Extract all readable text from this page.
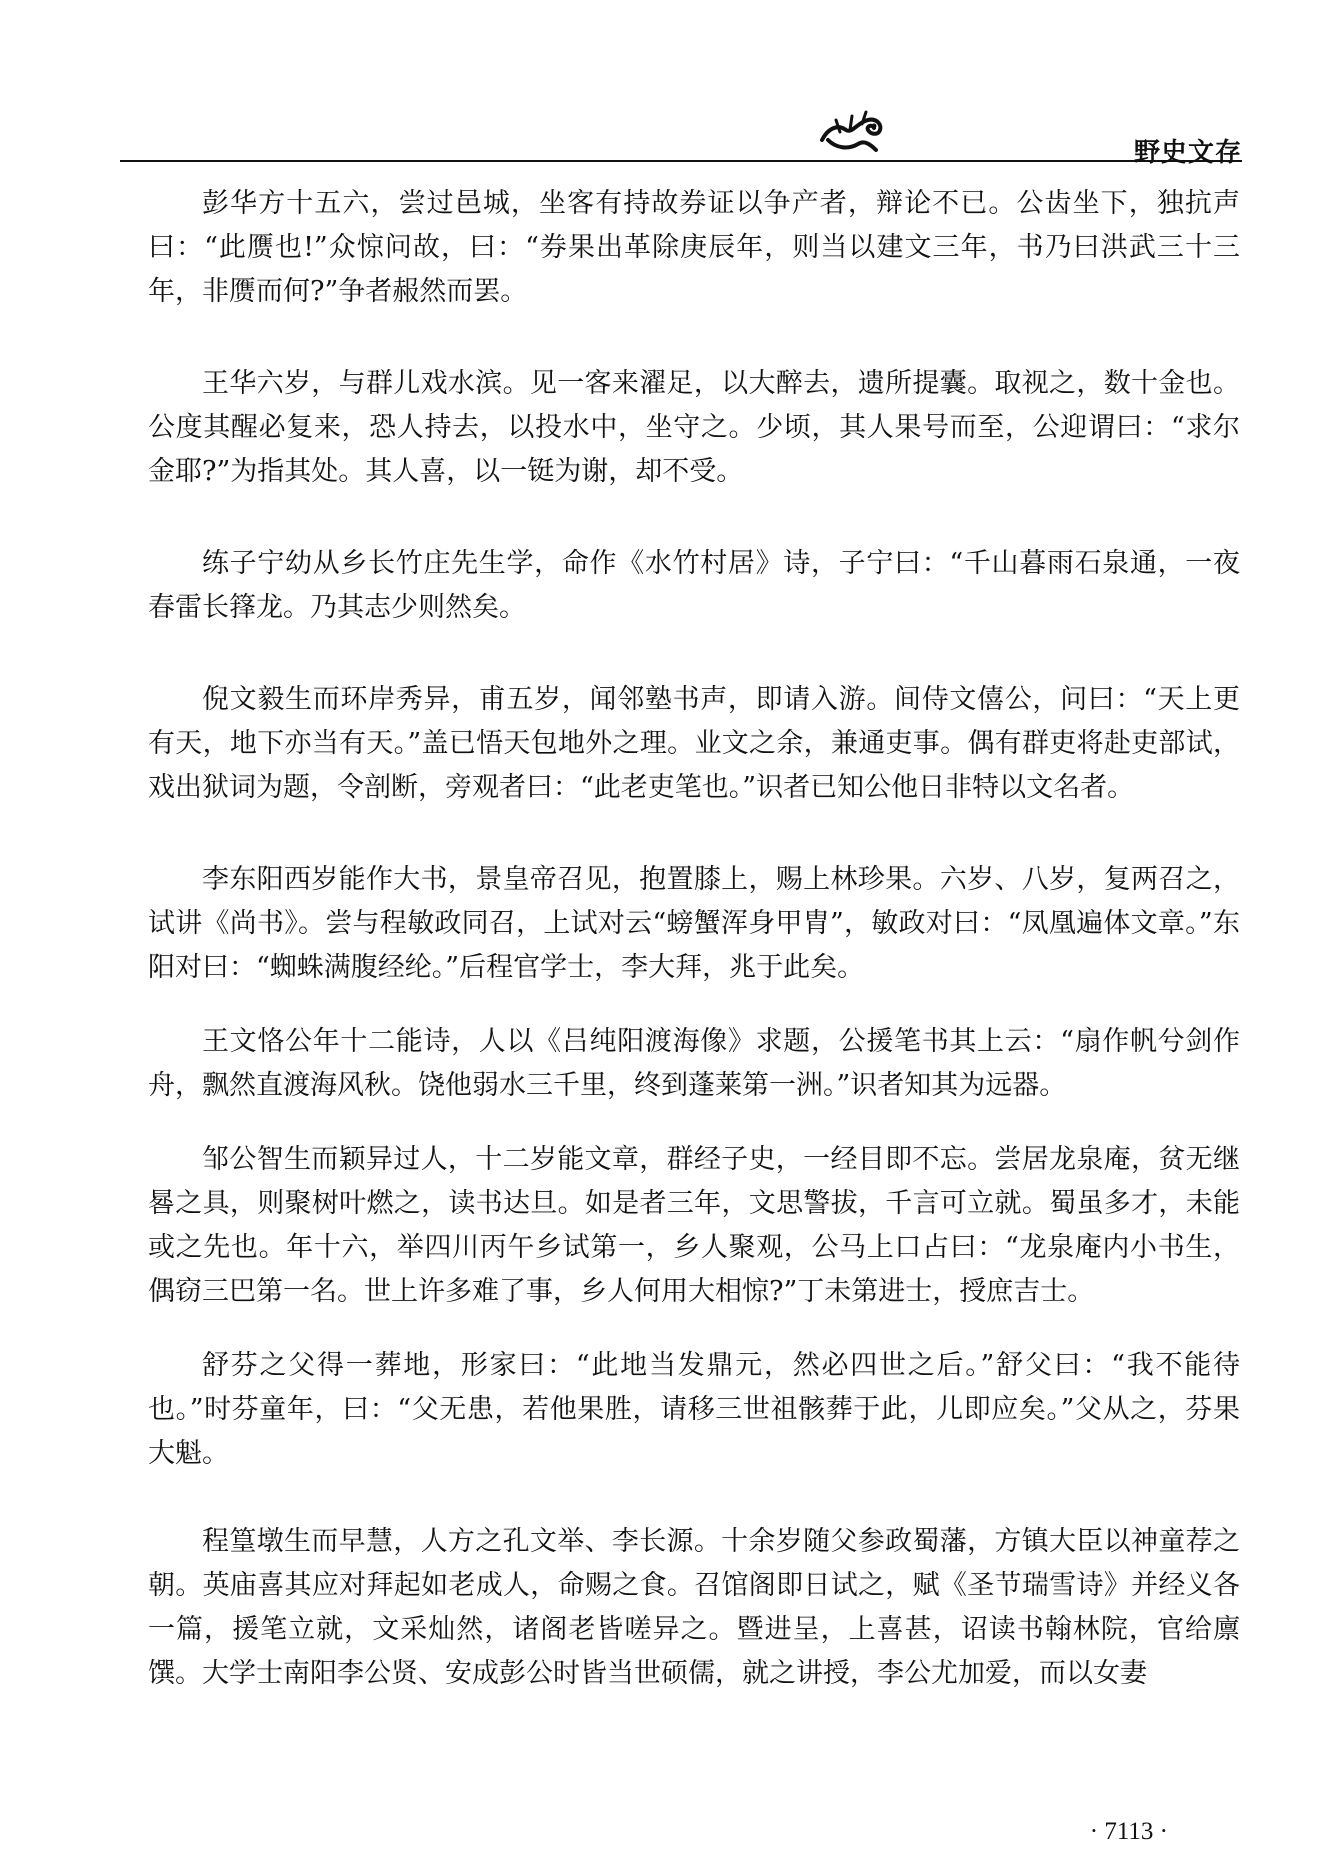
野史文存

彭华方十五六，尝过邑城，坐客有持故券证以争产者，辩论不已。公齿坐下，独抗声曰：“此赝也!”众惊问故，曰：“券果出革除庚辰年，则当以建文三年，书乃曰洪武三十三年，非赝而何?”争者赧然而罢。

王华六岁，与群儿戏水滨。见一客来濯足，以大醉去，遗所提囊。取视之，数十金也。公度其醒必复来，恐人持去，以投水中，坐守之。少顷，其人果号而至，公迎谓曰：“求尔金耶?”为指其处。其人喜，以一铤为谢，却不受。

练子宁幼从乡长竹庄先生学，命作《水竹村居》诗，子宁曰：“千山暮雨石泉通，一夜春雷长箨龙。乃其志少则然矣。

倪文毅生而环岸秀异，甫五岁，闻邻塾书声，即请入游。间侍文僖公，问曰：“天上更有天，地下亦当有天。”盖已悟天包地外之理。业文之余，兼通吏事。偶有群吏将赴吏部试，戏出狱词为题，令剖断，旁观者曰：“此老吏笔也。”识者已知公他日非特以文名者。

李东阳西岁能作大书，景皇帝召见，抱置膝上，赐上林珍果。六岁、八岁，复两召之，试讲《尚书》。尝与程敏政同召，上试对云“螃蟹浑身甲胄”，敏政对曰：“凤凰遍体文章。”东阳对曰：“蜘蛛满腹经纶。”后程官学士，李大拜，兆于此矣。

王文恪公年十二能诗，人以《吕纯阳渡海像》求题，公援笔书其上云：“扇作帆兮剑作舟，飘然直渡海风秋。饶他弱水三千里，终到蓬莱第一洲。”识者知其为远器。

邹公智生而颖异过人，十二岁能文章，群经子史，一经目即不忘。尝居龙泉庵，贫无继晷之具，则聚树叶燃之，读书达旦。如是者三年，文思警拔，千言可立就。蜀虽多才，未能或之先也。年十六，举四川丙午乡试第一，乡人聚观，公马上口占曰：“龙泉庵内小书生，偶窃三巴第一名。世上许多难了事，乡人何用大相惊?”丁未第进士，授庶吉士。

舒芬之父得一葬地，形家曰：“此地当发鼎元，然必四世之后。”舒父曰：“我不能待也。”时芬童年，曰：“父无患，若他果胜，请移三世祖骸葬于此，儿即应矣。”父从之，芬果大魁。

程篁墩生而早慧，人方之孔文举、李长源。十余岁随父参政蜀藩，方镇大臣以神童荐之朝。英庙喜其应对拜起如老成人，命赐之食。召馆阁即日试之，赋《圣节瑞雪诗》并经义各一篇，援笔立就，文采灿然，诸阁老皆嗟异之。暨进呈，上喜甚，诏读书翰林院，官给廪馔。大学士南阳李公贤、安成彭公时皆当世硕儒，就之讲授，李公尤加爱，而以女妻

· 7113 ·
